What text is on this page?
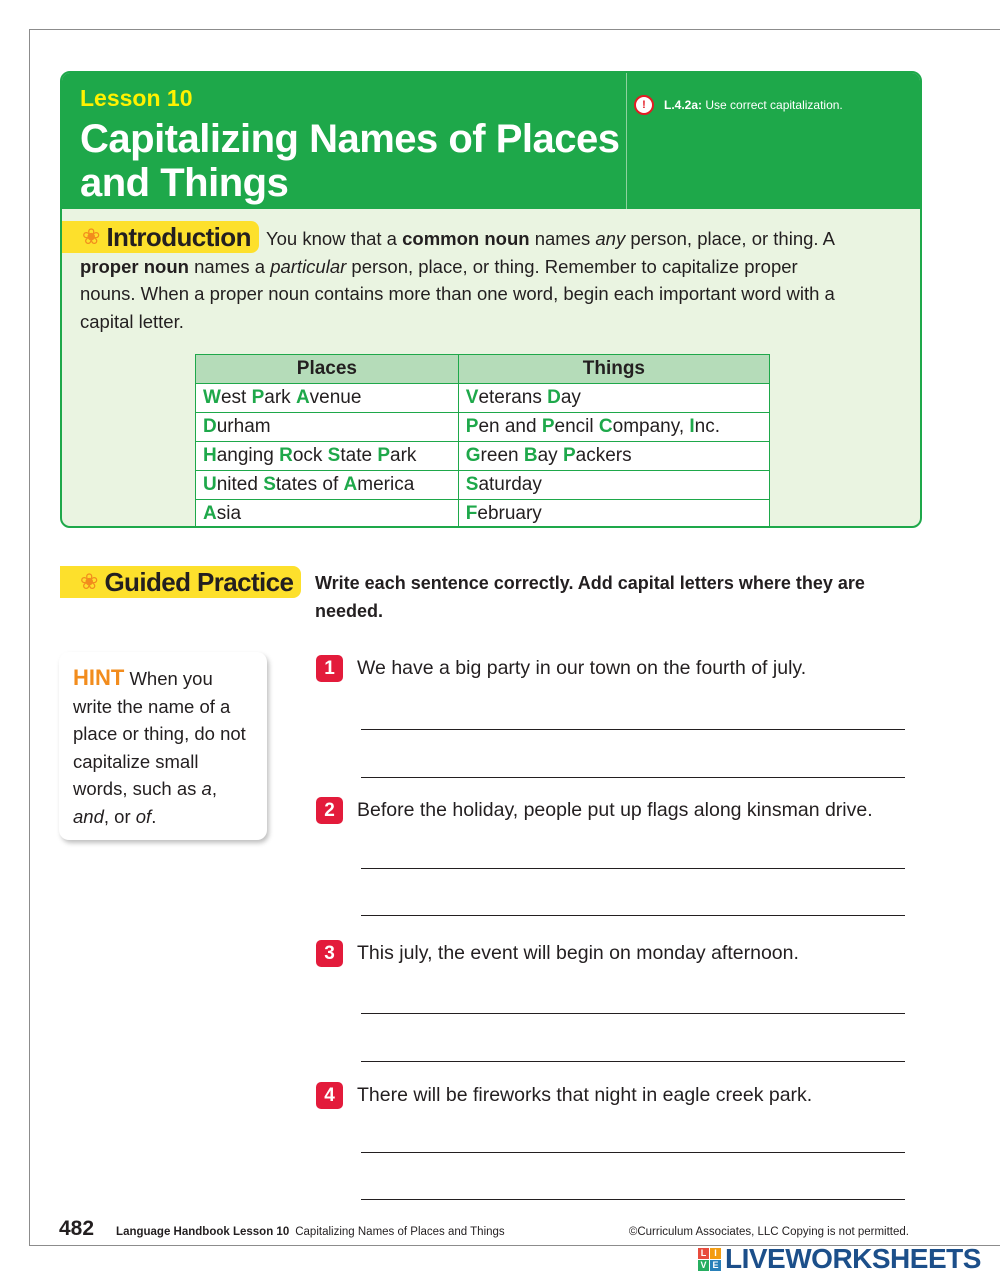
Lesson 10
Capitalizing Names of Places and Things
! L.4.2a: Use correct capitalization.
❀ Introduction You know that a common noun names any person, place, or thing. A proper noun names a particular person, place, or thing. Remember to capitalize proper nouns. When a proper noun contains more than one word, begin each important word with a capital letter.
Places	Things
West Park Avenue	Veterans Day
Durham	Pen and Pencil Company, Inc.
Hanging Rock State Park	Green Bay Packers
United States of America	Saturday
Asia	February
❀ Guided Practice Write each sentence correctly. Add capital letters where they are needed.
HINT When you write the name of a place or thing, do not capitalize small words, such as a, and, or of.
1	We have a big party in our town on the fourth of july.
2	Before the holiday, people put up flags along kinsman drive.
3	This july, the event will begin on monday afternoon.
4	There will be fireworks that night in eagle creek park.
482 Language Handbook Lesson 10 Capitalizing Names of Places and Things	©Curriculum Associates, LLC Copying is not permitted.
L I
V E LIVEWORKSHEETS
